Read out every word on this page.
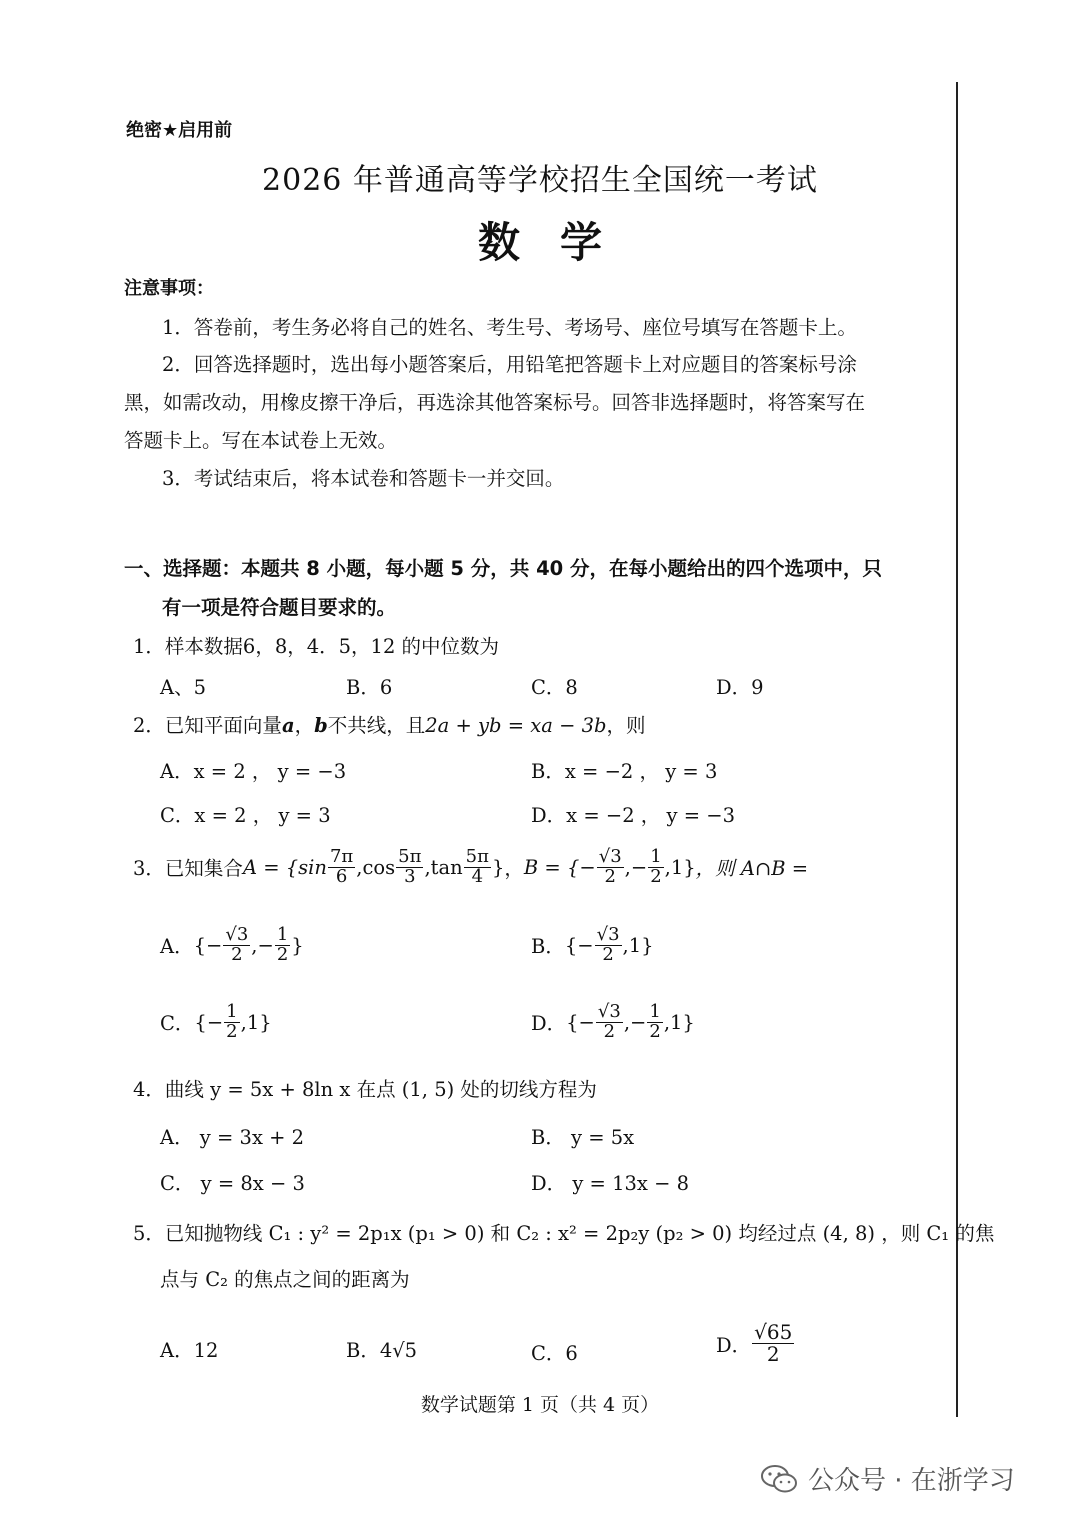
绝密★启用前
2026 年普通高等学校招生全国统一考试
数学
注意事项：
1．答卷前，考生务必将自己的姓名、考生号、考场号、座位号填写在答题卡上。
2．回答选择题时，选出每小题答案后，用铅笔把答题卡上对应题目的答案标号涂
黑，如需改动，用橡皮擦干净后，再选涂其他答案标号。回答非选择题时，将答案写在
答题卡上。写在本试卷上无效。
3．考试结束后，将本试卷和答题卡一并交回。
一、选择题：本题共 8 小题，每小题 5 分，共 40 分，在每小题给出的四个选项中，只
有一项是符合题目要求的。
1．样本数据6，8，4．5，12 的中位数为
A、5	B．6	C．8	D．9
2．已知平面向量a，b不共线，且2a + yb = xa − 3b，则
A．x = 2 ， y = −3	B．x = −2 ， y = 3
C．x = 2 ， y = 3	D．x = −2 ， y = −3
3． 已知集合 $A = \{\sin \frac{7\pi}{6} ,\cos \frac{5\pi}{3} ,\tan \frac{5\pi}{4}$ } ， B = {− $\frac{√3}{2}$ ,− $\frac{1}{2} ,1$} ，则 A∩B =
A． {− $\frac{√3}{2}$ ,− $\frac{1}{2}$ }	B． {− $\frac{√3}{2} ,1$}
C． {− $\frac{1}{2} ,1$}	D． {− $\frac{√3}{2}$ ,− $\frac{1}{2} ,1$}
4．曲线 y = 5x + 8ln x 在点 (1, 5) 处的切线方程为
A． y = 3x + 2	B． y = 5x
C． y = 8x − 3	D． y = 13x − 8
5．已知抛物线 C₁ : y² = 2p₁x (p₁ > 0) 和 C₂ : x² = 2p₂y (p₂ > 0) 均经过点 (4, 8) ，则 C₁ 的焦
点与 C₂ 的焦点之间的距离为
A．12	B．4√5	C．6	D． $\frac{√65}{2}$
数学试题第 1 页（共 4 页）
公众号 · 在浙学习
